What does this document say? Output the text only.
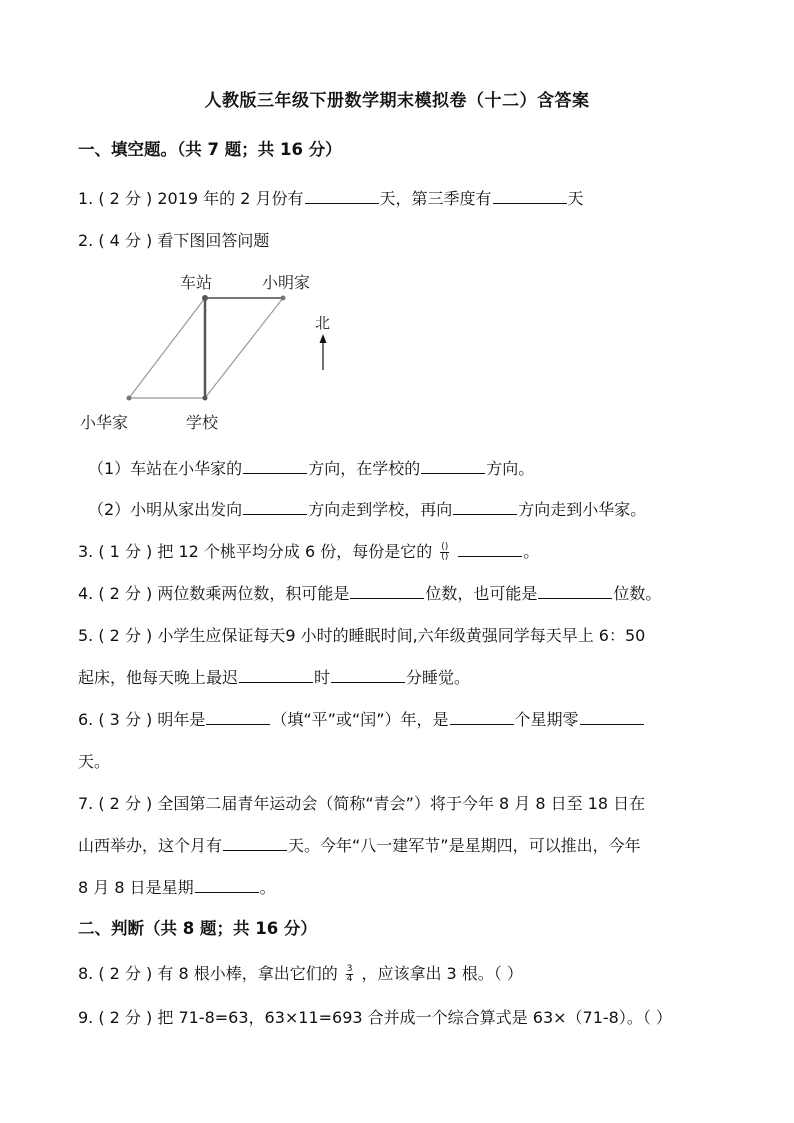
人教版三年级下册数学期末模拟卷（十二）含答案
一、填空题。（共 7 题；共 16 分）
1. ( 2 分 ) 2019 年的 2 月份有	天，第三季度有	天
2. ( 4 分 ) 看下图回答问题
车站	小明家
小华家	学校
北
（1）车站在小华家的	方向，在学校的	方向。
（2）小明从家出发向	方向走到学校，再向	方向走到小华家。
3. ( 1 分 ) 把 12 个桃平均分成 6 份，每份是它的 $\frac{()}{()}$	。
4. ( 2 分 ) 两位数乘两位数，积可能是	位数，也可能是	位数。
5. ( 2 分 ) 小学生应保证每天9 小时的睡眠时间,六年级黄强同学每天早上 6：50
起床，他每天晚上最迟	时	分睡觉。
6. ( 3 分 ) 明年是	（填“平”或“闰”）年，是	个星期零
天。
7. ( 2 分 ) 全国第二届青年运动会（简称“青会”）将于今年 8 月 8 日至 18 日在
山西举办，这个月有	天。今年“八一建军节”是星期四，可以推出，今年
8 月 8 日是星期	。
二、判断（共 8 题；共 16 分）
8. ( 2 分 ) 有 8 根小棒，拿出它们的 $\frac{3}{4}$ ，应该拿出 3 根。（ ）
9. ( 2 分 ) 把 71-8=63，63×11=693 合并成一个综合算式是 63×（71-8）。（ ）
